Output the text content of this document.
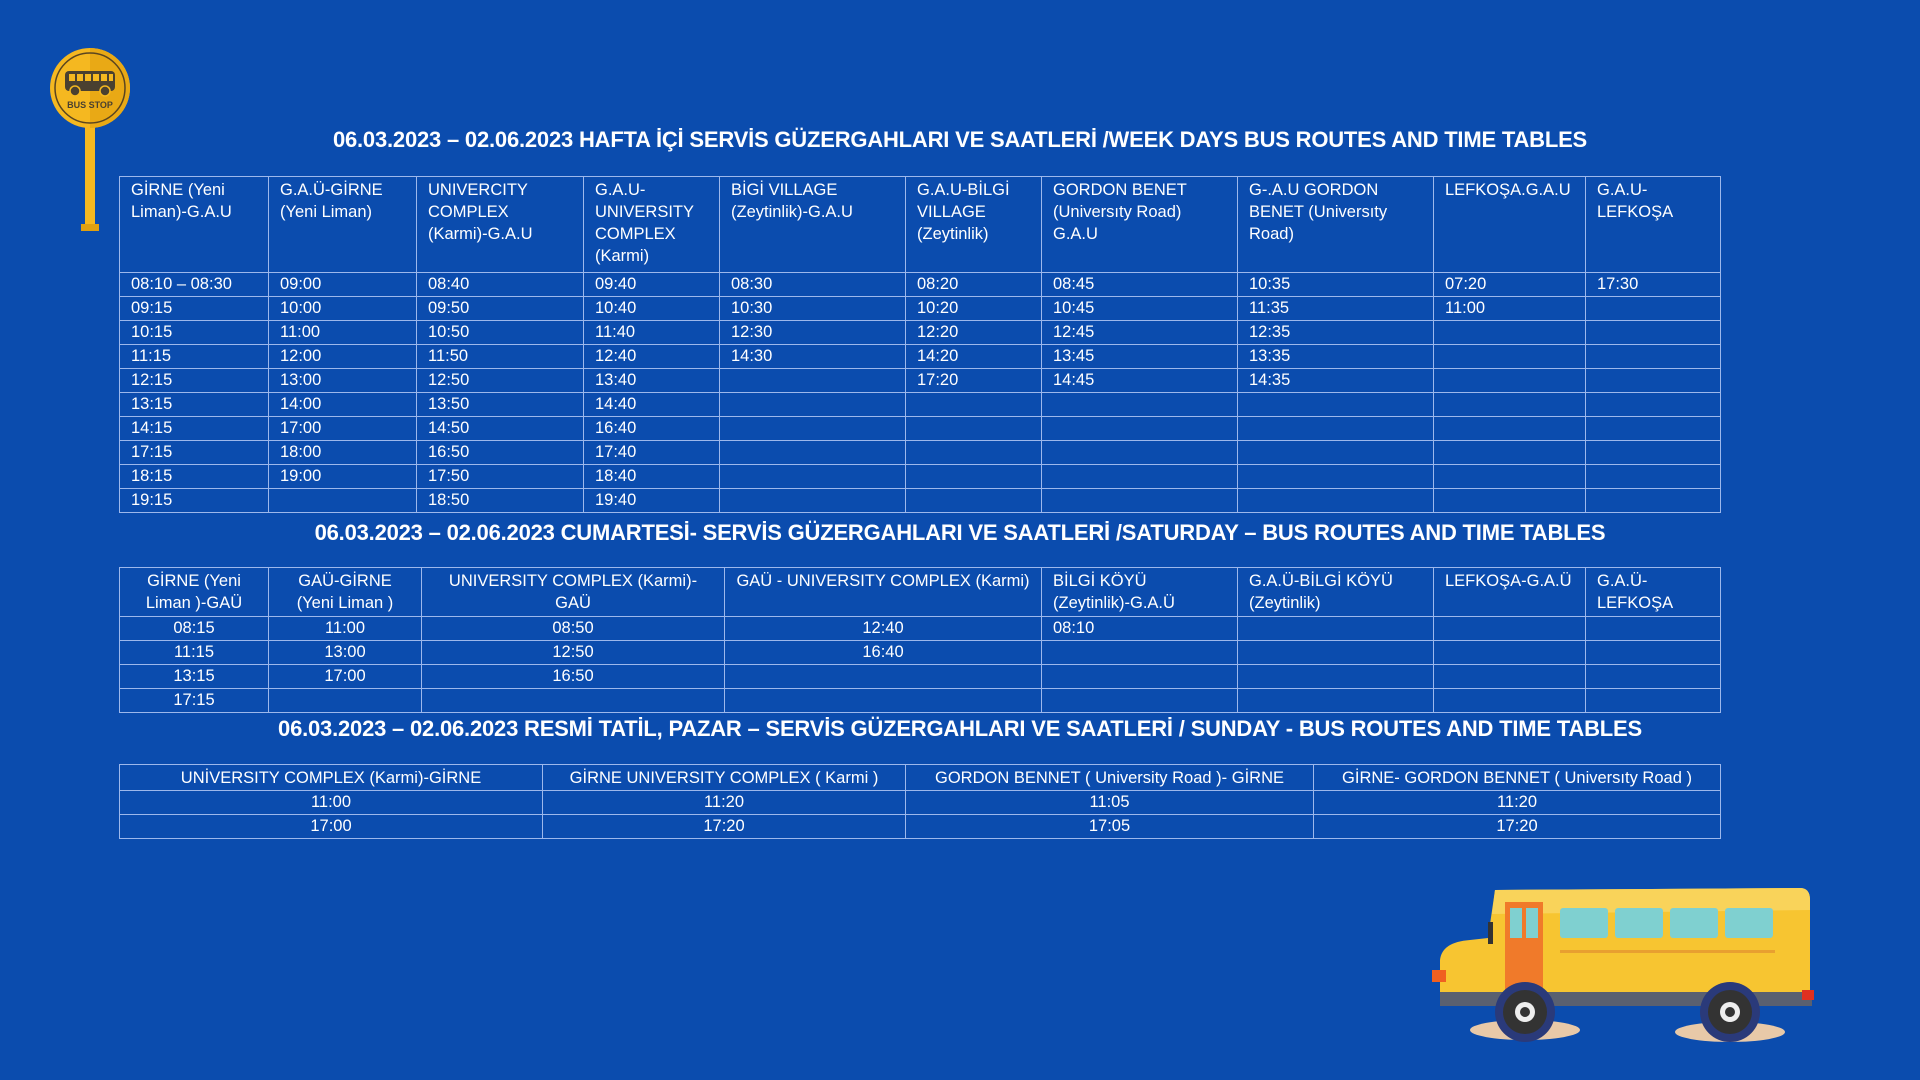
BUS STOP
06.03.2023 – 02.06.2023 HAFTA İÇİ SERVİS GÜZERGAHLARI VE SAATLERİ /WEEK DAYS BUS ROUTES AND TIME TABLES
GİRNE (Yeni Liman)-G.A.U	G.A.Ü-GİRNE (Yeni Liman)	UNIVERCITY COMPLEX (Karmi)-G.A.U	G.A.U-UNIVERSITY COMPLEX (Karmi)	BİGİ VILLAGE (Zeytinlik)-G.A.U	G.A.U-BİLGİ VILLAGE (Zeytinlik)	GORDON BENET (Universıty Road) G.A.U	G-.A.U GORDON BENET (Universıty Road)	LEFKOŞA.G.A.U	G.A.U-LEFKOŞA
08:10 – 08:30	09:00	08:40	09:40	08:30	08:20	08:45	10:35	07:20	17:30
09:15	10:00	09:50	10:40	10:30	10:20	10:45	11:35	11:00	
10:15	11:00	10:50	11:40	12:30	12:20	12:45	12:35		
11:15	12:00	11:50	12:40	14:30	14:20	13:45	13:35		
12:15	13:00	12:50	13:40		17:20	14:45	14:35		
13:15	14:00	13:50	14:40						
14:15	17:00	14:50	16:40						
17:15	18:00	16:50	17:40						
18:15	19:00	17:50	18:40						
19:15		18:50	19:40						
06.03.2023 – 02.06.2023 CUMARTESİ- SERVİS GÜZERGAHLARI VE SAATLERİ /SATURDAY – BUS ROUTES AND TIME TABLES
GİRNE (Yeni Liman )-GAÜ	GAÜ-GİRNE (Yeni Liman )	UNIVERSITY COMPLEX (Karmi)-GAÜ	GAÜ - UNIVERSITY COMPLEX (Karmi)	BİLGİ KÖYÜ (Zeytinlik)-G.A.Ü	G.A.Ü-BİLGİ KÖYÜ (Zeytinlik)	LEFKOŞA-G.A.Ü	G.A.Ü-LEFKOŞA
08:15	11:00	08:50	12:40	08:10			
11:15	13:00	12:50	16:40				
13:15	17:00	16:50					
17:15							
06.03.2023 – 02.06.2023 RESMİ TATİL, PAZAR – SERVİS GÜZERGAHLARI VE SAATLERİ / SUNDAY - BUS ROUTES AND TIME TABLES
UNİVERSITY COMPLEX (Karmi)-GİRNE	GİRNE UNIVERSITY COMPLEX ( Karmi )	GORDON BENNET ( University Road )- GİRNE	GİRNE- GORDON BENNET ( Universıty Road )
11:00	11:20	11:05	11:20
17:00	17:20	17:05	17:20
